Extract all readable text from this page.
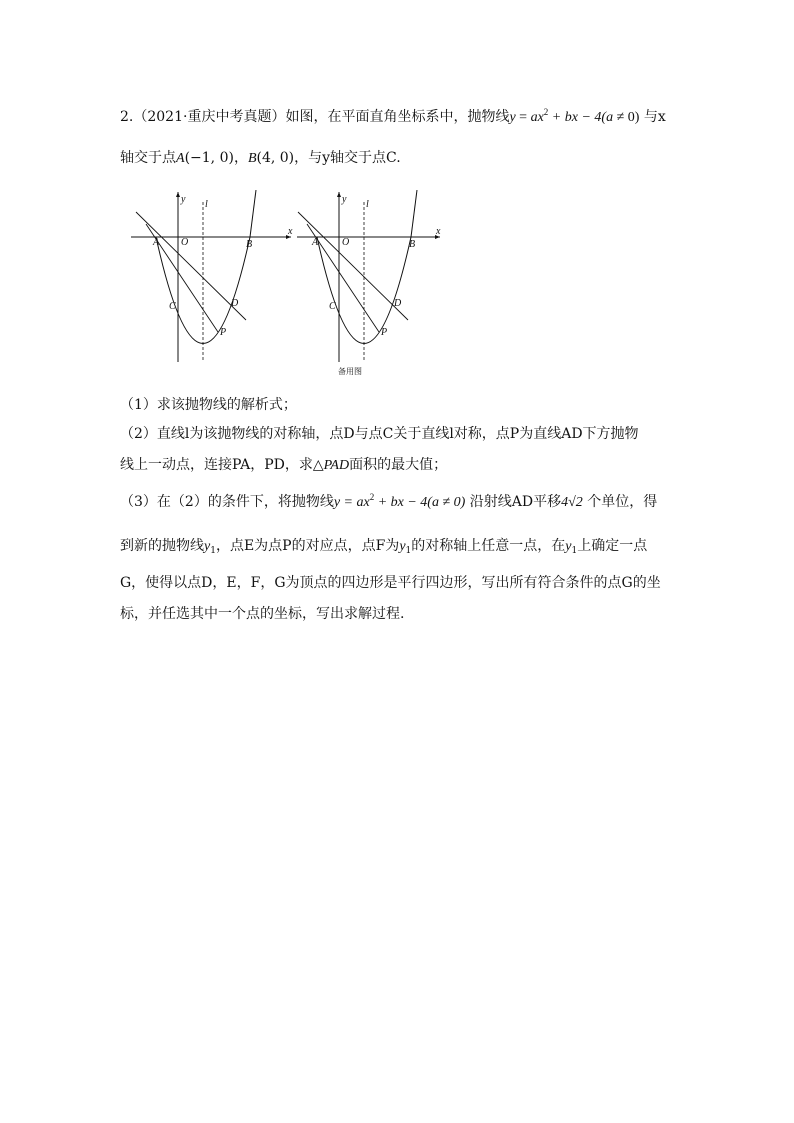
2.（2021·重庆中考真题）如图，在平面直角坐标系中，抛物线$y = ax^2$ + bx − 4(a ≠ 0) 与x
轴交于点A(−1, 0)，B(4, 0)，与y轴交于点C.
A O	B
x
y l
C	D
P
A O	B
x
y l
C	D
P
备用图
（1）求该抛物线的解析式；
（2）直线l为该抛物线的对称轴，点D与点C关于直线l对称，点P为直线AD下方抛物
线上一动点，连接PA，PD，求△PAD面积的最大值；
（3）在（2）的条件下，将抛物线$y = ax^2$ + bx − 4(a ≠ 0) 沿射线AD平移4√2 个单位，得
到新的抛物线$y_1$，点E为点P的对应点，点F为$y_1$的对称轴上任意一点，在$y_1$上确定一点
G，使得以点D，E，F，G为顶点的四边形是平行四边形，写出所有符合条件的点G的坐
标，并任选其中一个点的坐标，写出求解过程.
